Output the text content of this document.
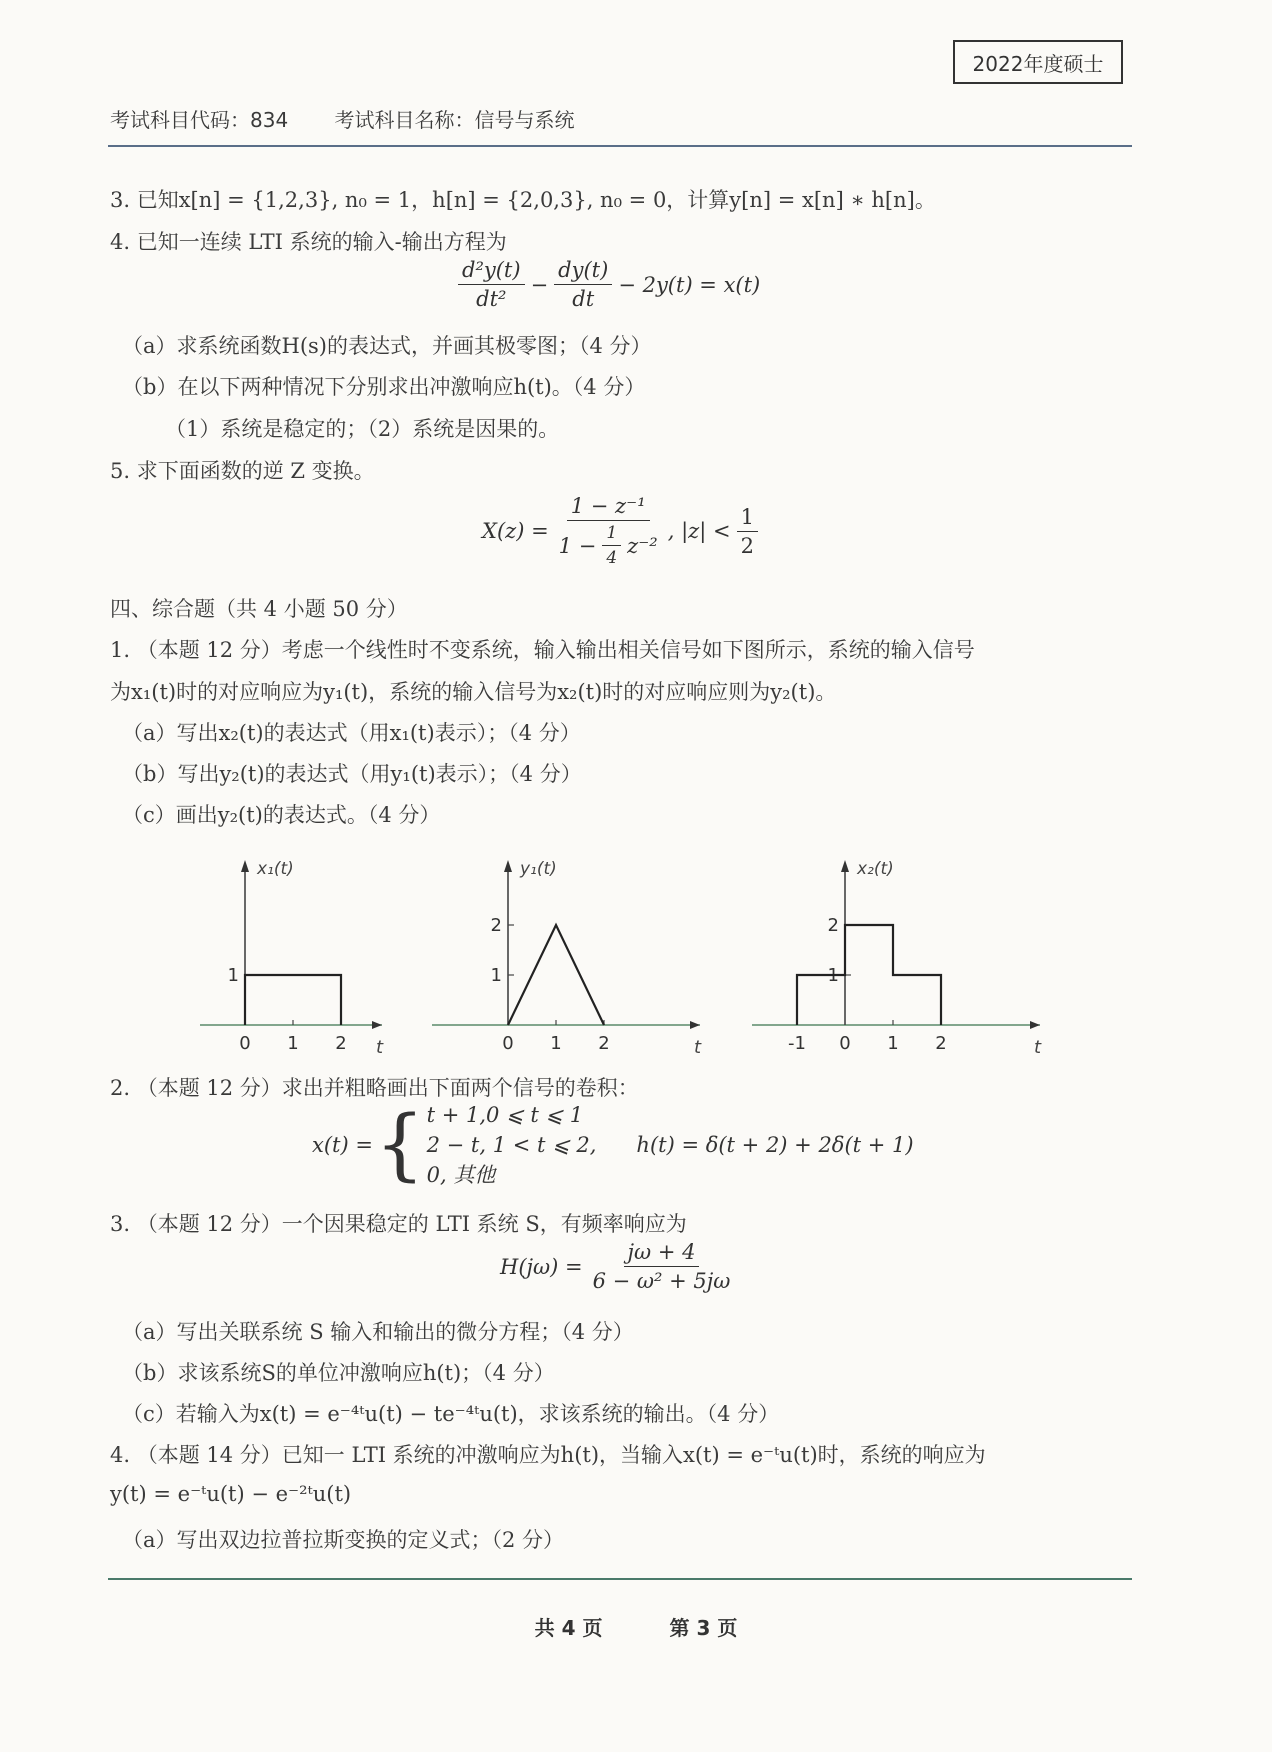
2022年度硕士
考试科目代码：834 考试科目名称：信号与系统
3. 已知x[n] = {1,2,3}, n₀ = 1，h[n] = {2,0,3}, n₀ = 0，计算y[n] = x[n] ∗ h[n]。
4. 已知一连续 LTI 系统的输入-输出方程为
$\frac{\text{d²y(t)}}{\text{dt²}} - \frac{dy(t)}{dt} - 2y(t) = x(t)$
（a）求系统函数H(s)的表达式，并画其极零图；（4 分）
（b）在以下两种情况下分别求出冲激响应h(t)。（4 分）
（1）系统是稳定的；（2）系统是因果的。
5. 求下面函数的逆 Z 变换。
$X(z) = \frac{\text{1 − z⁻¹}}{1 - \frac{1}{4} z^{-2}}$ , $|z| < \frac{1}{2}$
四、综合题（共 4 小题 50 分）
1. （本题 12 分）考虑一个线性时不变系统，输入输出相关信号如下图所示，系统的输入信号
为x₁(t)时的对应响应为y₁(t)，系统的输入信号为x₂(t)时的对应响应则为y₂(t)。
（a）写出x₂(t)的表达式（用x₁(t)表示）；（4 分）
（b）写出y₂(t)的表达式（用y₁(t)表示）；（4 分）
（c）画出y₂(t)的表达式。（4 分）
x₁(t)
t
0 1 2
1
y₁(t)
t
0 1 2
1
2
x₂(t)
t
-1 0 1 2
1
2
2. （本题 12 分）求出并粗略画出下面两个信号的卷积：
x(t) = { t + 1,0 ⩽ t ⩽ 1
2 − t, 1 < t ⩽ 2,
0, 其他
h(t) = δ(t + 2) + 2δ(t + 1)
3. （本题 12 分）一个因果稳定的 LTI 系统 S，有频率响应为
$H(j\omega) = \frac{j\omega + 4}{\text{6 − ω² + 5jω}}$
（a）写出关联系统 S 输入和输出的微分方程；（4 分）
（b）求该系统S的单位冲激响应h(t)；（4 分）
（c）若输入为x(t) = e⁻⁴ᵗu(t) − te⁻⁴ᵗu(t)，求该系统的输出。（4 分）
4. （本题 14 分）已知一 LTI 系统的冲激响应为h(t)，当输入x(t) = e⁻ᵗu(t)时，系统的响应为
y(t) = e⁻ᵗu(t) − e⁻²ᵗu(t)
（a）写出双边拉普拉斯变换的定义式；（2 分）
共 4 页	第 3 页
